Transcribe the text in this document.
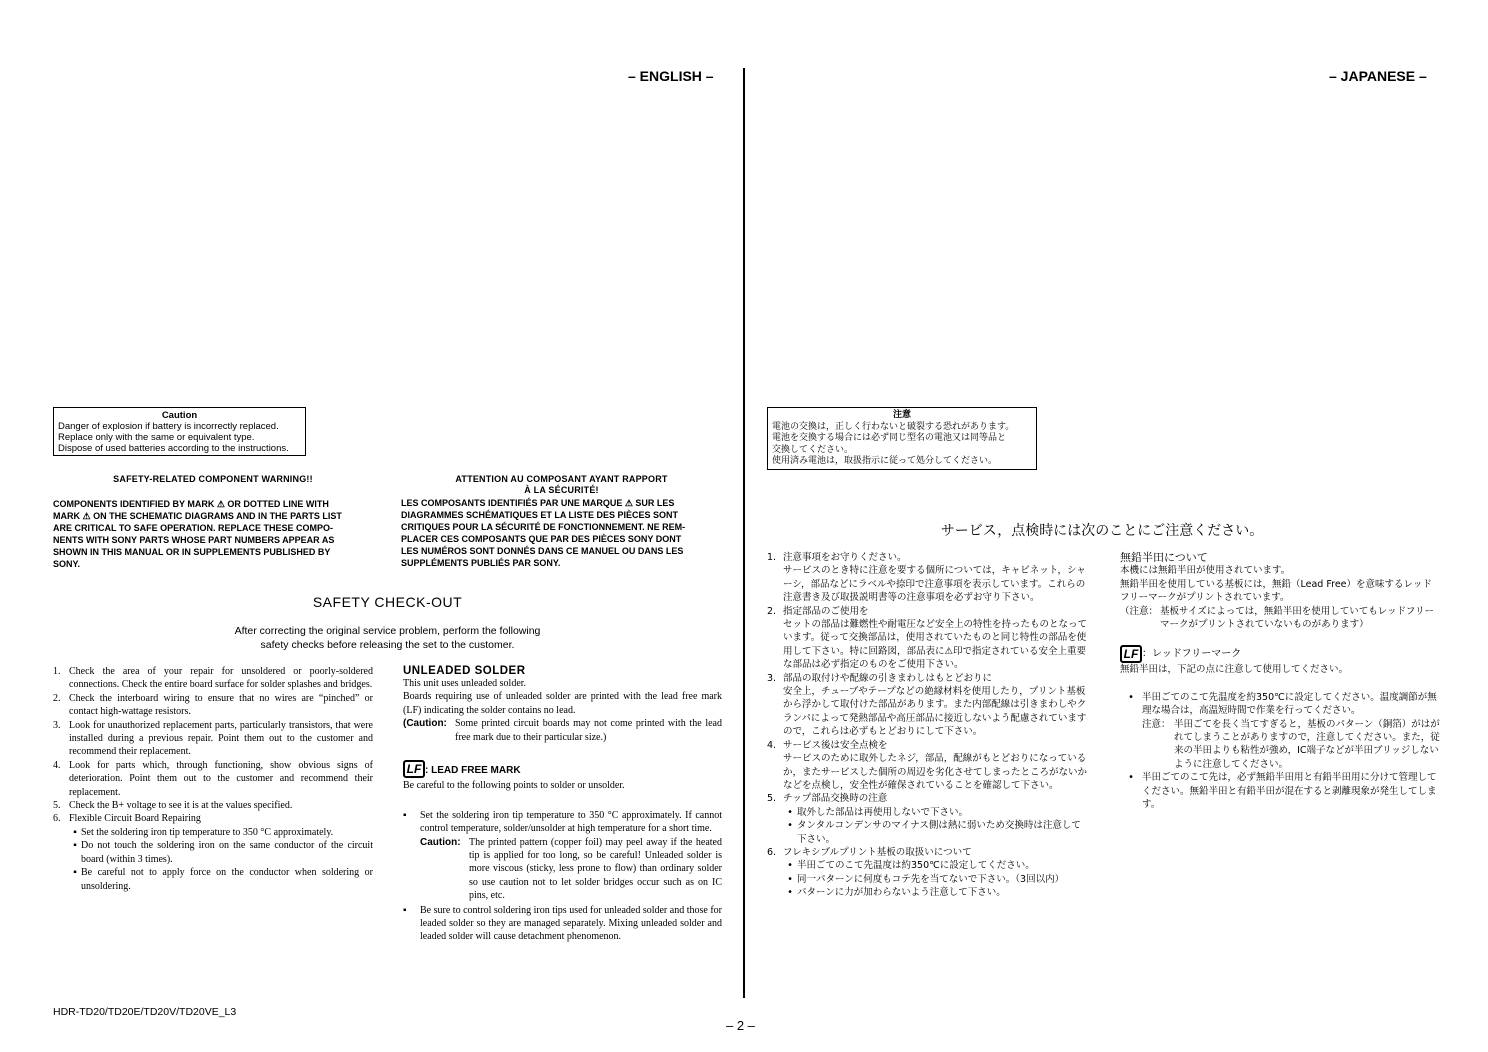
– ENGLISH –	– JAPANESE –
Caution
Danger of explosion if battery is incorrectly replaced.
Replace only with the same or equivalent type.
Dispose of used batteries according to the instructions.
注意
電池の交換は，正しく行わないと破裂する恐れがあります。
電池を交換する場合には必ず同じ型名の電池又は同等品と
交換してください。
使用済み電池は，取扱指示に従って処分してください。
SAFETY-RELATED COMPONENT WARNING!!
COMPONENTS IDENTIFIED BY MARK ⚠ OR DOTTED LINE WITH
MARK ⚠ ON THE SCHEMATIC DIAGRAMS AND IN THE PARTS LIST
ARE CRITICAL TO SAFE OPERATION. REPLACE THESE COMPO-
NENTS WITH SONY PARTS WHOSE PART NUMBERS APPEAR AS
SHOWN IN THIS MANUAL OR IN SUPPLEMENTS PUBLISHED BY
SONY.
ATTENTION AU COMPOSANT AYANT RAPPORT
À LA SÉCURITÉ!
LES COMPOSANTS IDENTIFIÉS PAR UNE MARQUE ⚠ SUR LES
DIAGRAMMES SCHÉMATIQUES ET LA LISTE DES PIÈCES SONT
CRITIQUES POUR LA SÉCURITÉ DE FONCTIONNEMENT. NE REM-
PLACER CES COMPOSANTS QUE PAR DES PIÈCES SONY DONT
LES NUMÉROS SONT DONNÉS DANS CE MANUEL OU DANS LES
SUPPLÉMENTS PUBLIÉS PAR SONY.
SAFETY CHECK-OUT
After correcting the original service problem, perform the following
safety checks before releasing the set to the customer.
1. Check the area of your repair for unsoldered or poorly-soldered connections. Check the entire board surface for solder splashes and bridges.
2. Check the interboard wiring to ensure that no wires are “pinched” or contact high-wattage resistors.
3. Look for unauthorized replacement parts, particularly transistors, that were installed during a previous repair. Point them out to the customer and recommend their replacement.
4. Look for parts which, through functioning, show obvious signs of deterioration. Point them out to the customer and recommend their replacement.
5. Check the B+ voltage to see it is at the values specified.
6. Flexible Circuit Board Repairing
▪ Set the soldering iron tip temperature to 350 °C approximately.
▪ Do not touch the soldering iron on the same conductor of the circuit board (within 3 times).
▪ Be careful not to apply force on the conductor when soldering or unsoldering.
UNLEADED SOLDER
This unit uses unleaded solder.
Boards requiring use of unleaded solder are printed with the lead free mark (LF) indicating the solder contains no lead.
(Caution: Some printed circuit boards may not come printed with the lead free mark due to their particular size.)
LF : LEAD FREE MARK
Be careful to the following points to solder or unsolder.
▪	Set the soldering iron tip temperature to 350 °C approximately. If cannot control temperature, solder/unsolder at high temperature for a short time.
Caution: The printed pattern (copper foil) may peel away if the heated tip is applied for too long, so be careful! Unleaded solder is more viscous (sticky, less prone to flow) than ordinary solder so use caution not to let solder bridges occur such as on IC pins, etc.
▪	Be sure to control soldering iron tips used for unleaded solder and those for leaded solder so they are managed separately. Mixing unleaded solder and leaded solder will cause detachment phenomenon.
サービス，点検時には次のことにご注意ください。
1. 注意事項をお守りください。
サービスのとき特に注意を要する個所については，キャビネット，シャーシ，部品などにラベルや捺印で注意事項を表示しています。これらの注意書き及び取扱説明書等の注意事項を必ずお守り下さい。
2. 指定部品のご使用を
セットの部品は難燃性や耐電圧など安全上の特性を持ったものとなっています。従って交換部品は，使用されていたものと同じ特性の部品を使用して下さい。特に回路図，部品表に⚠印で指定されている安全上重要な部品は必ず指定のものをご使用下さい。
3. 部品の取付けや配線の引きまわしはもとどおりに
安全上，チューブやテープなどの絶縁材料を使用したり，プリント基板から浮かして取付けた部品があります。また内部配線は引きまわしやクランパによって発熱部品や高圧部品に接近しないよう配慮されていますので，これらは必ずもとどおりにして下さい。
4. サービス後は安全点検を
サービスのために取外したネジ，部品，配線がもとどおりになっているか，またサービスした個所の周辺を劣化させてしまったところがないかなどを点検し，安全性が確保されていることを確認して下さい。
5. チップ部品交換時の注意
• 取外した部品は再使用しないで下さい。
• タンタルコンデンサのマイナス側は熱に弱いため交換時は注意して下さい。
6. フレキシブルプリント基板の取扱いについて
• 半田ごてのこて先温度は約350℃に設定してください。
• 同一パターンに何度もコテ先を当てないで下さい。（3回以内）
• パターンに力が加わらないよう注意して下さい。
無鉛半田について
本機には無鉛半田が使用されています。
無鉛半田を使用している基板には，無鉛（Lead Free）を意味するレッドフリーマークがプリントされています。
（注意： 基板サイズによっては，無鉛半田を使用していてもレッドフリーマークがプリントされていないものがあります）
LF ：レッドフリーマーク
無鉛半田は，下記の点に注意して使用してください。
• 半田ごてのこて先温度を約350℃に設定してください。温度調節が無理な場合は，高温短時間で作業を行ってください。
注意： 半田ごてを長く当てすぎると，基板のパターン（銅箔）がはがれてしまうことがありますので，注意してください。また，従来の半田よりも粘性が強め，IC端子などが半田ブリッジしないように注意してください。
• 半田ごてのこて先は，必ず無鉛半田用と有鉛半田用に分けて管理してください。無鉛半田と有鉛半田が混在すると剥離現象が発生してします。
HDR-TD20/TD20E/TD20V/TD20VE_L3
– 2 –
